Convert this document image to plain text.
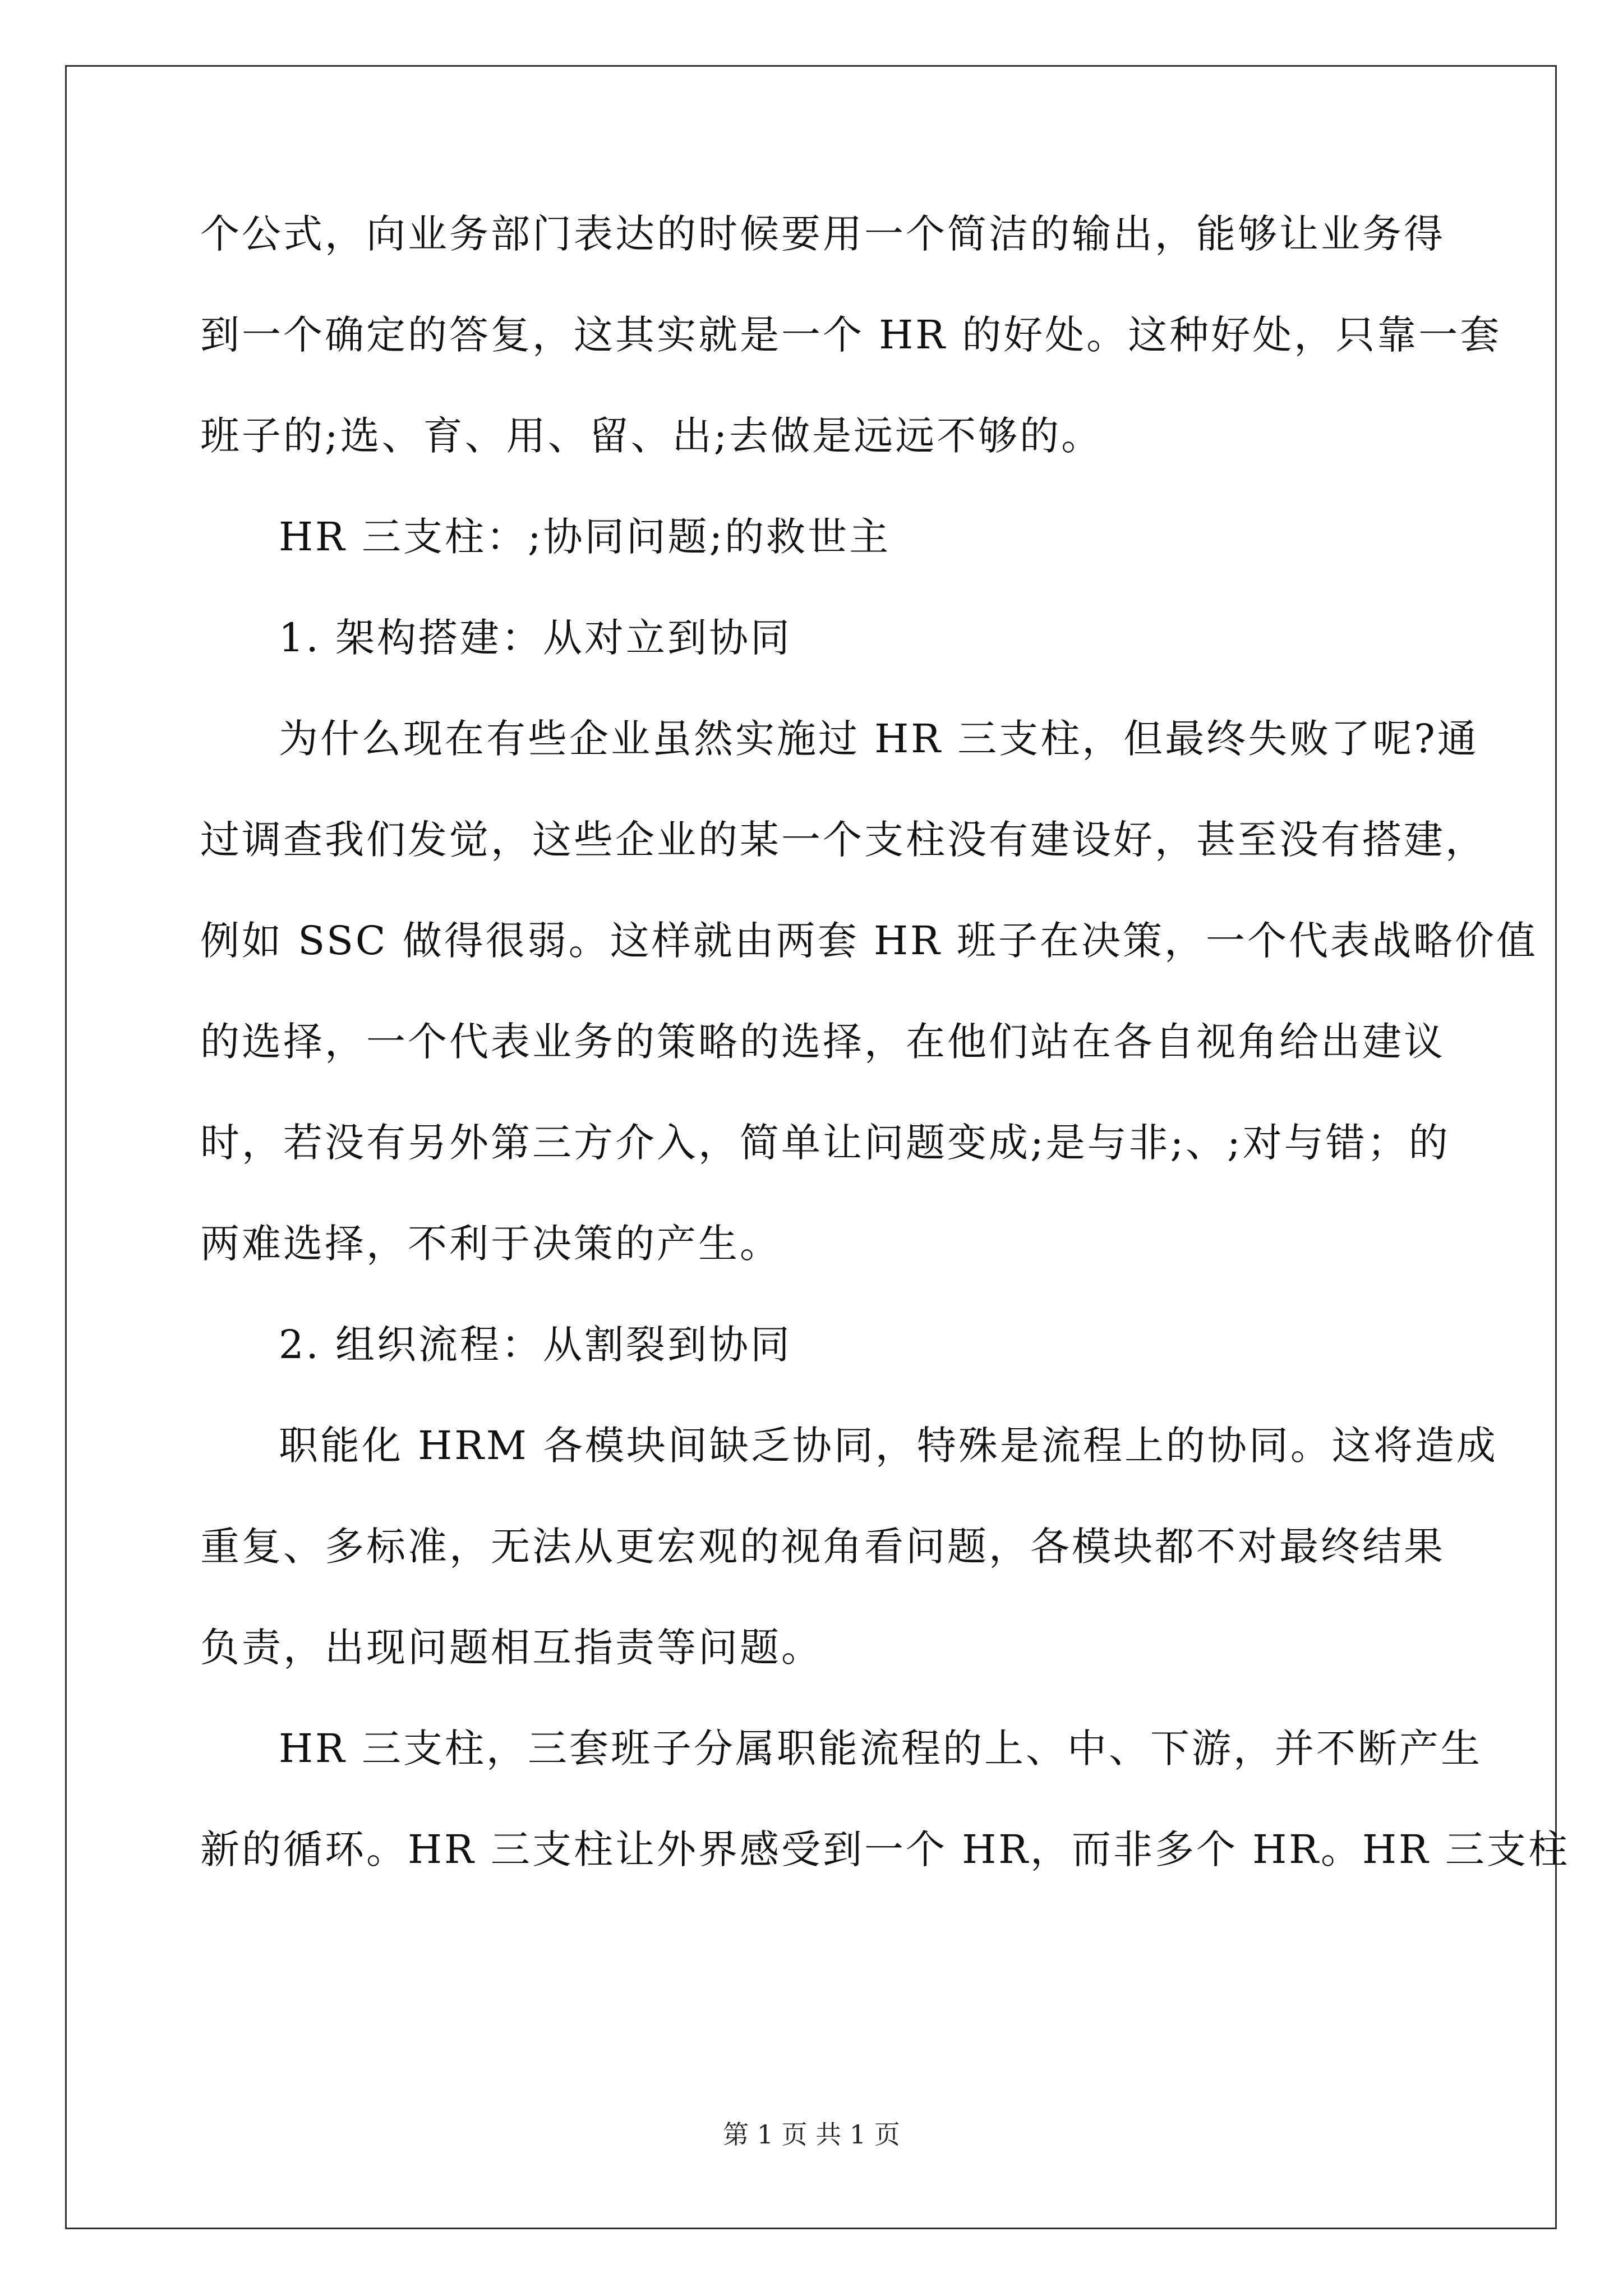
个公式，向业务部门表达的时候要用一个简洁的输出，能够让业务得
到一个确定的答复，这其实就是一个 HR 的好处。这种好处，只靠一套
班子的;选、育、用、留、出;去做是远远不够的。
HR 三支柱：;协同问题;的救世主
1. 架构搭建：从对立到协同
为什么现在有些企业虽然实施过 HR 三支柱，但最终失败了呢?通
过调查我们发觉，这些企业的某一个支柱没有建设好，甚至没有搭建，
例如 SSC 做得很弱。这样就由两套 HR 班子在决策，一个代表战略价值
的选择，一个代表业务的策略的选择，在他们站在各自视角给出建议
时，若没有另外第三方介入，简单让问题变成;是与非;、;对与错；的
两难选择，不利于决策的产生。
2. 组织流程：从割裂到协同
职能化 HRM 各模块间缺乏协同，特殊是流程上的协同。这将造成
重复、多标准，无法从更宏观的视角看问题，各模块都不对最终结果
负责，出现问题相互指责等问题。
HR 三支柱，三套班子分属职能流程的上、中、下游，并不断产生
新的循环。HR 三支柱让外界感受到一个 HR，而非多个 HR。HR 三支柱
第 1 页 共 1 页
